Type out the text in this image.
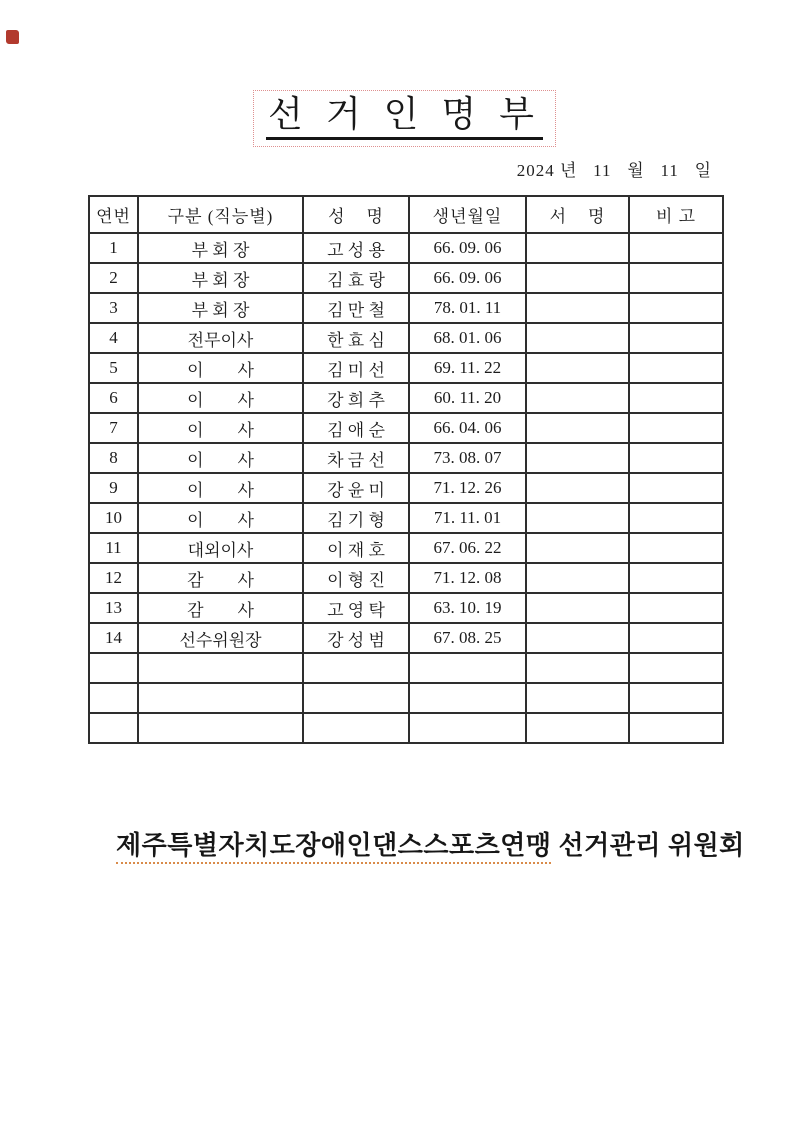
선 거 인 명 부
2024 년   11   월   11   일
연번	구분 (직능별)	성    명	생년월일	서    명	비 고
1	부 회 장	고 성 용	66. 09. 06		
2	부 회 장	김 효 랑	66. 09. 06		
3	부 회 장	김 만 철	78. 01. 11		
4	전무이사	한 효 심	68. 01. 06		
5	이        사	김 미 선	69. 11. 22		
6	이        사	강 희 추	60. 11. 20		
7	이        사	김 애 순	66. 04. 06		
8	이        사	차 금 선	73. 08. 07		
9	이        사	강 윤 미	71. 12. 26		
10	이        사	김 기 형	71. 11. 01		
11	대외이사	이 재 호	67. 06. 22		
12	감        사	이 형 진	71. 12. 08		
13	감        사	고 영 탁	63. 10. 19		
14	선수위원장	강 성 범	67. 08. 25		

제주특별자치도장애인댄스스포츠연맹 선거관리 위원회
